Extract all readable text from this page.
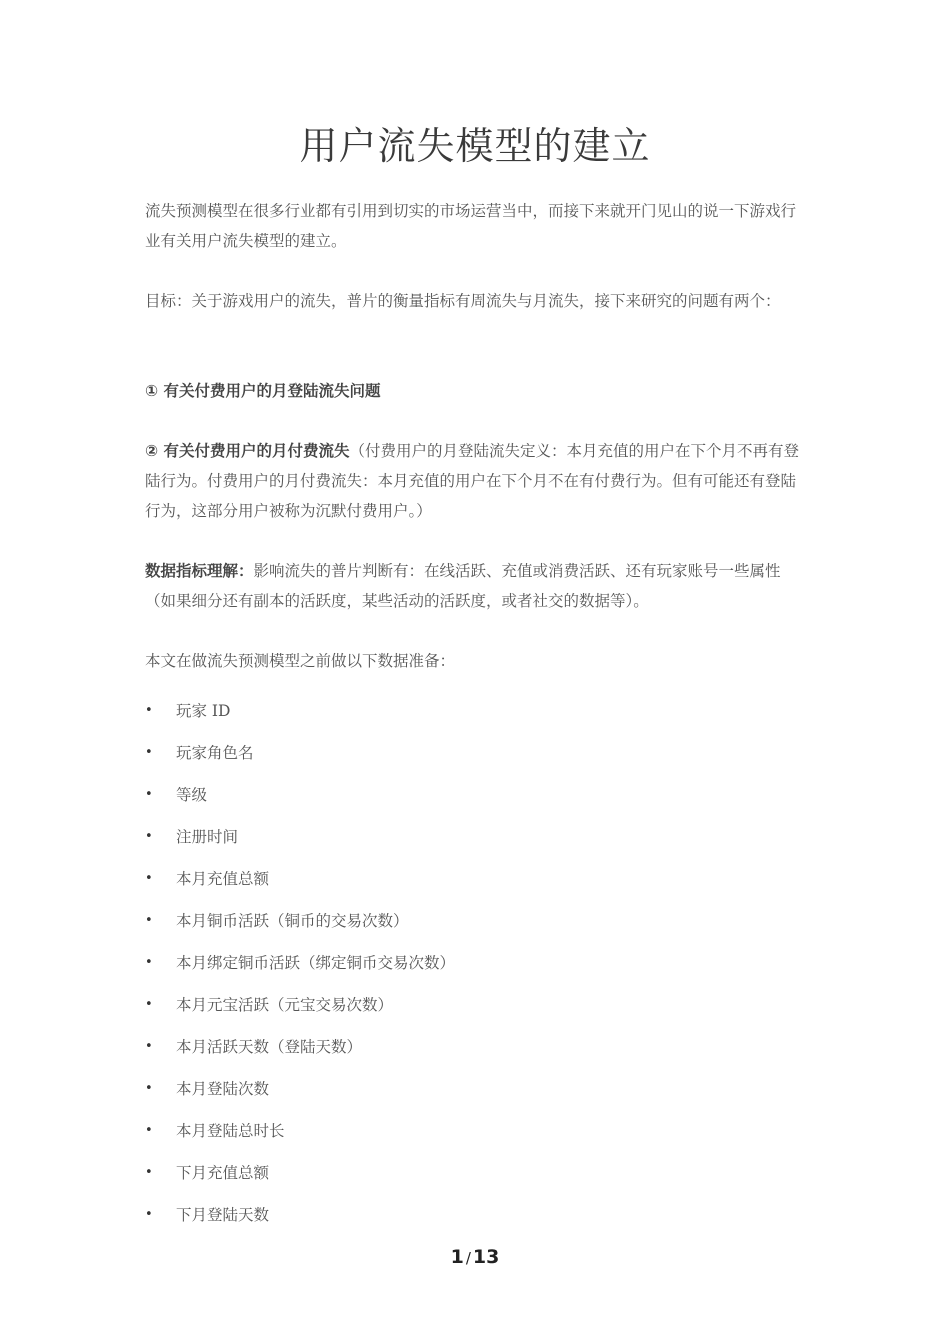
用户流失模型的建立
流失预测模型在很多行业都有引用到切实的市场运营当中，而接下来就开门见山的说一下游戏行业有关用户流失模型的建立。
目标：关于游戏用户的流失，普片的衡量指标有周流失与月流失，接下来研究的问题有两个：
① 有关付费用户的月登陆流失问题
② 有关付费用户的月付费流失（付费用户的月登陆流失定义：本月充值的用户在下个月不再有登陆行为。付费用户的月付费流失：本月充值的用户在下个月不在有付费行为。但有可能还有登陆行为，这部分用户被称为沉默付费用户。）
数据指标理解：影响流失的普片判断有：在线活跃、充值或消费活跃、还有玩家账号一些属性（如果细分还有副本的活跃度，某些活动的活跃度，或者社交的数据等）。
本文在做流失预测模型之前做以下数据准备：
• 玩家 ID
• 玩家角色名
• 等级
• 注册时间
• 本月充值总额
• 本月铜币活跃（铜币的交易次数）
• 本月绑定铜币活跃（绑定铜币交易次数）
• 本月元宝活跃（元宝交易次数）
• 本月活跃天数（登陆天数）
• 本月登陆次数
• 本月登陆总时长
• 下月充值总额
• 下月登陆天数
1 / 13
